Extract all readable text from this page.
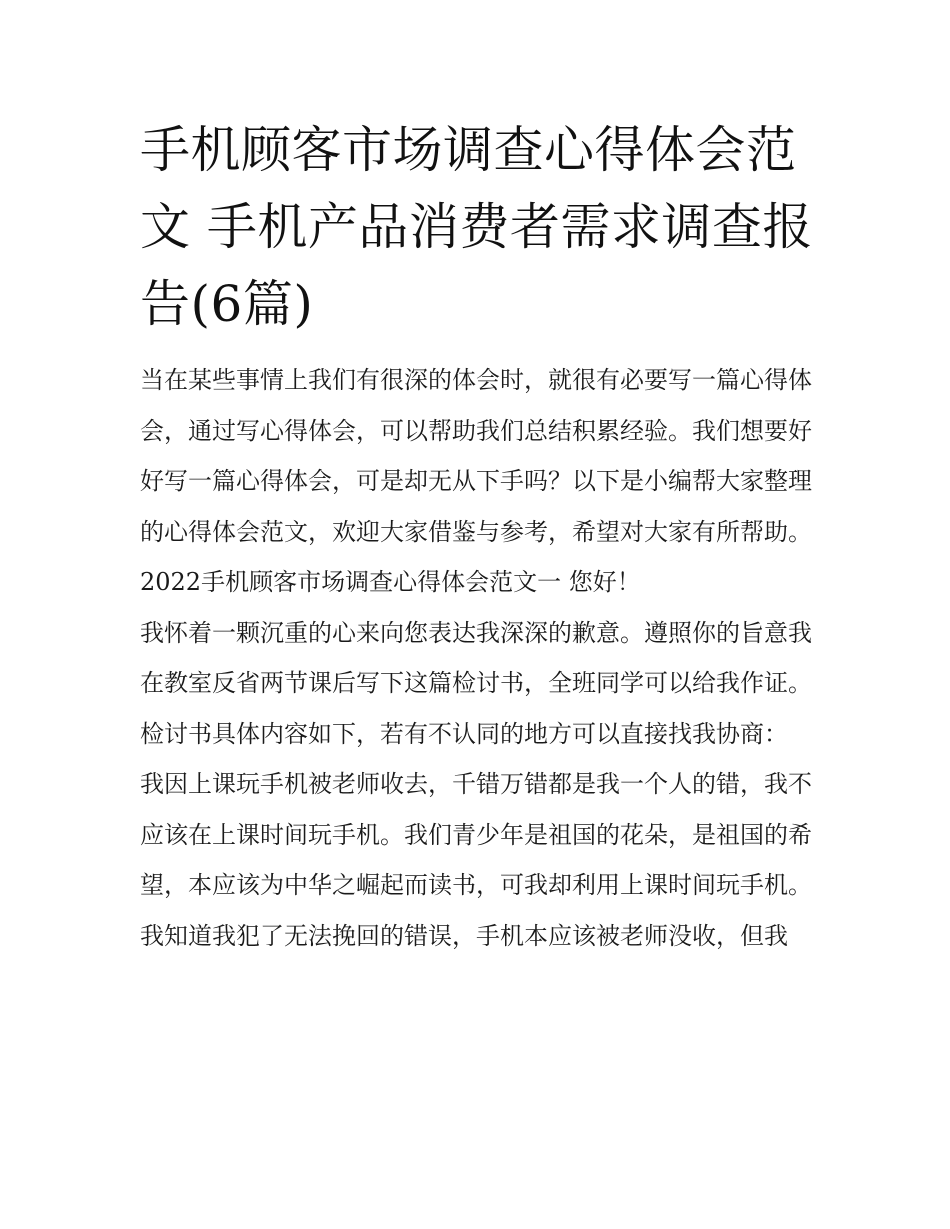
手机顾客市场调查心得体会范文 手机产品消费者需求调查报告(6篇)

当在某些事情上我们有很深的体会时，就很有必要写一篇心得体会，通过写心得体会，可以帮助我们总结积累经验。我们想要好好写一篇心得体会，可是却无从下手吗？以下是小编帮大家整理的心得体会范文，欢迎大家借鉴与参考，希望对大家有所帮助。

2022手机顾客市场调查心得体会范文一 您好！

我怀着一颗沉重的心来向您表达我深深的歉意。遵照你的旨意我在教室反省两节课后写下这篇检讨书，全班同学可以给我作证。检讨书具体内容如下，若有不认同的地方可以直接找我协商：

我因上课玩手机被老师收去，千错万错都是我一个人的错，我不应该在上课时间玩手机。我们青少年是祖国的花朵，是祖国的希望，本应该为中华之崛起而读书，可我却利用上课时间玩手机。

我知道我犯了无法挽回的错误，手机本应该被老师没收，但我
